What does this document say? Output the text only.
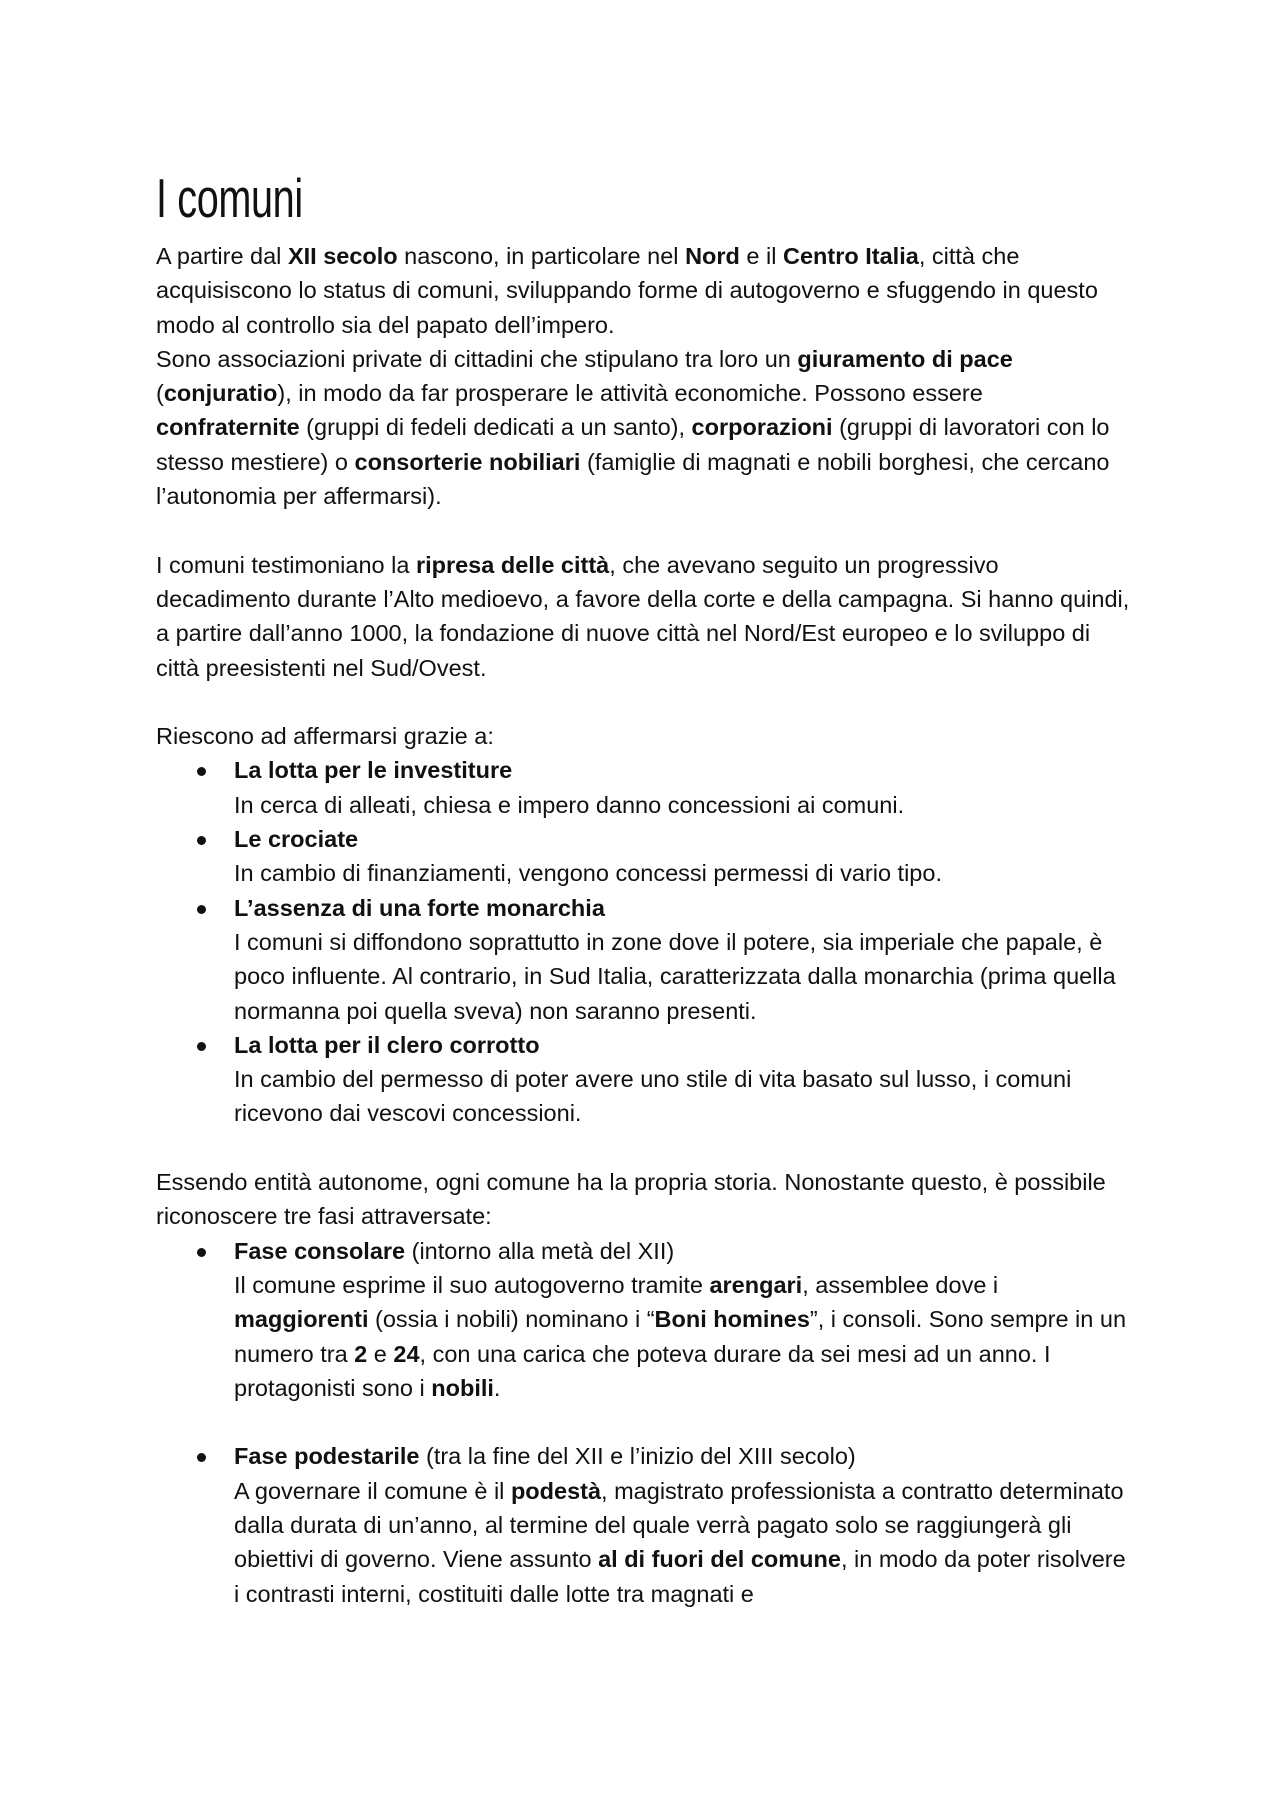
I comuni

A partire dal XII secolo nascono, in particolare nel Nord e il Centro Italia, città che acquisiscono lo status di comuni, sviluppando forme di autogoverno e sfuggendo in questo modo al controllo sia del papato dell’impero.

Sono associazioni private di cittadini che stipulano tra loro un giuramento di pace (conjuratio), in modo da far prosperare le attività economiche. Possono essere confraternite (gruppi di fedeli dedicati a un santo), corporazioni (gruppi di lavoratori con lo stesso mestiere) o consorterie nobiliari (famiglie di magnati e nobili borghesi, che cercano l’autonomia per affermarsi).

I comuni testimoniano la ripresa delle città, che avevano seguito un progressivo decadimento durante l’Alto medioevo, a favore della corte e della campagna. Si hanno quindi, a partire dall’anno 1000, la fondazione di nuove città nel Nord/Est europeo e lo sviluppo di città preesistenti nel Sud/Ovest.

Riescono ad affermarsi grazie a:

La lotta per le investiture
In cerca di alleati, chiesa e impero danno concessioni ai comuni.
Le crociate
In cambio di finanziamenti, vengono concessi permessi di vario tipo.
L’assenza di una forte monarchia
I comuni si diffondono soprattutto in zone dove il potere, sia imperiale che papale, è poco influente. Al contrario, in Sud Italia, caratterizzata dalla monarchia (prima quella normanna poi quella sveva) non saranno presenti.
La lotta per il clero corrotto
In cambio del permesso di poter avere uno stile di vita basato sul lusso, i comuni ricevono dai vescovi concessioni.

Essendo entità autonome, ogni comune ha la propria storia. Nonostante questo, è possibile riconoscere tre fasi attraversate:

Fase consolare (intorno alla metà del XII)
Il comune esprime il suo autogoverno tramite arengari, assemblee dove i maggiorenti (ossia i nobili) nominano i “Boni homines”, i consoli. Sono sempre in un numero tra 2 e 24, con una carica che poteva durare da sei mesi ad un anno. I protagonisti sono i nobili.
Fase podestarile (tra la fine del XII e l’inizio del XIII secolo)
A governare il comune è il podestà, magistrato professionista a contratto determinato dalla durata di un’anno, al termine del quale verrà pagato solo se raggiungerà gli obiettivi di governo. Viene assunto al di fuori del comune, in modo da poter risolvere i contrasti interni, costituiti dalle lotte tra magnati e
